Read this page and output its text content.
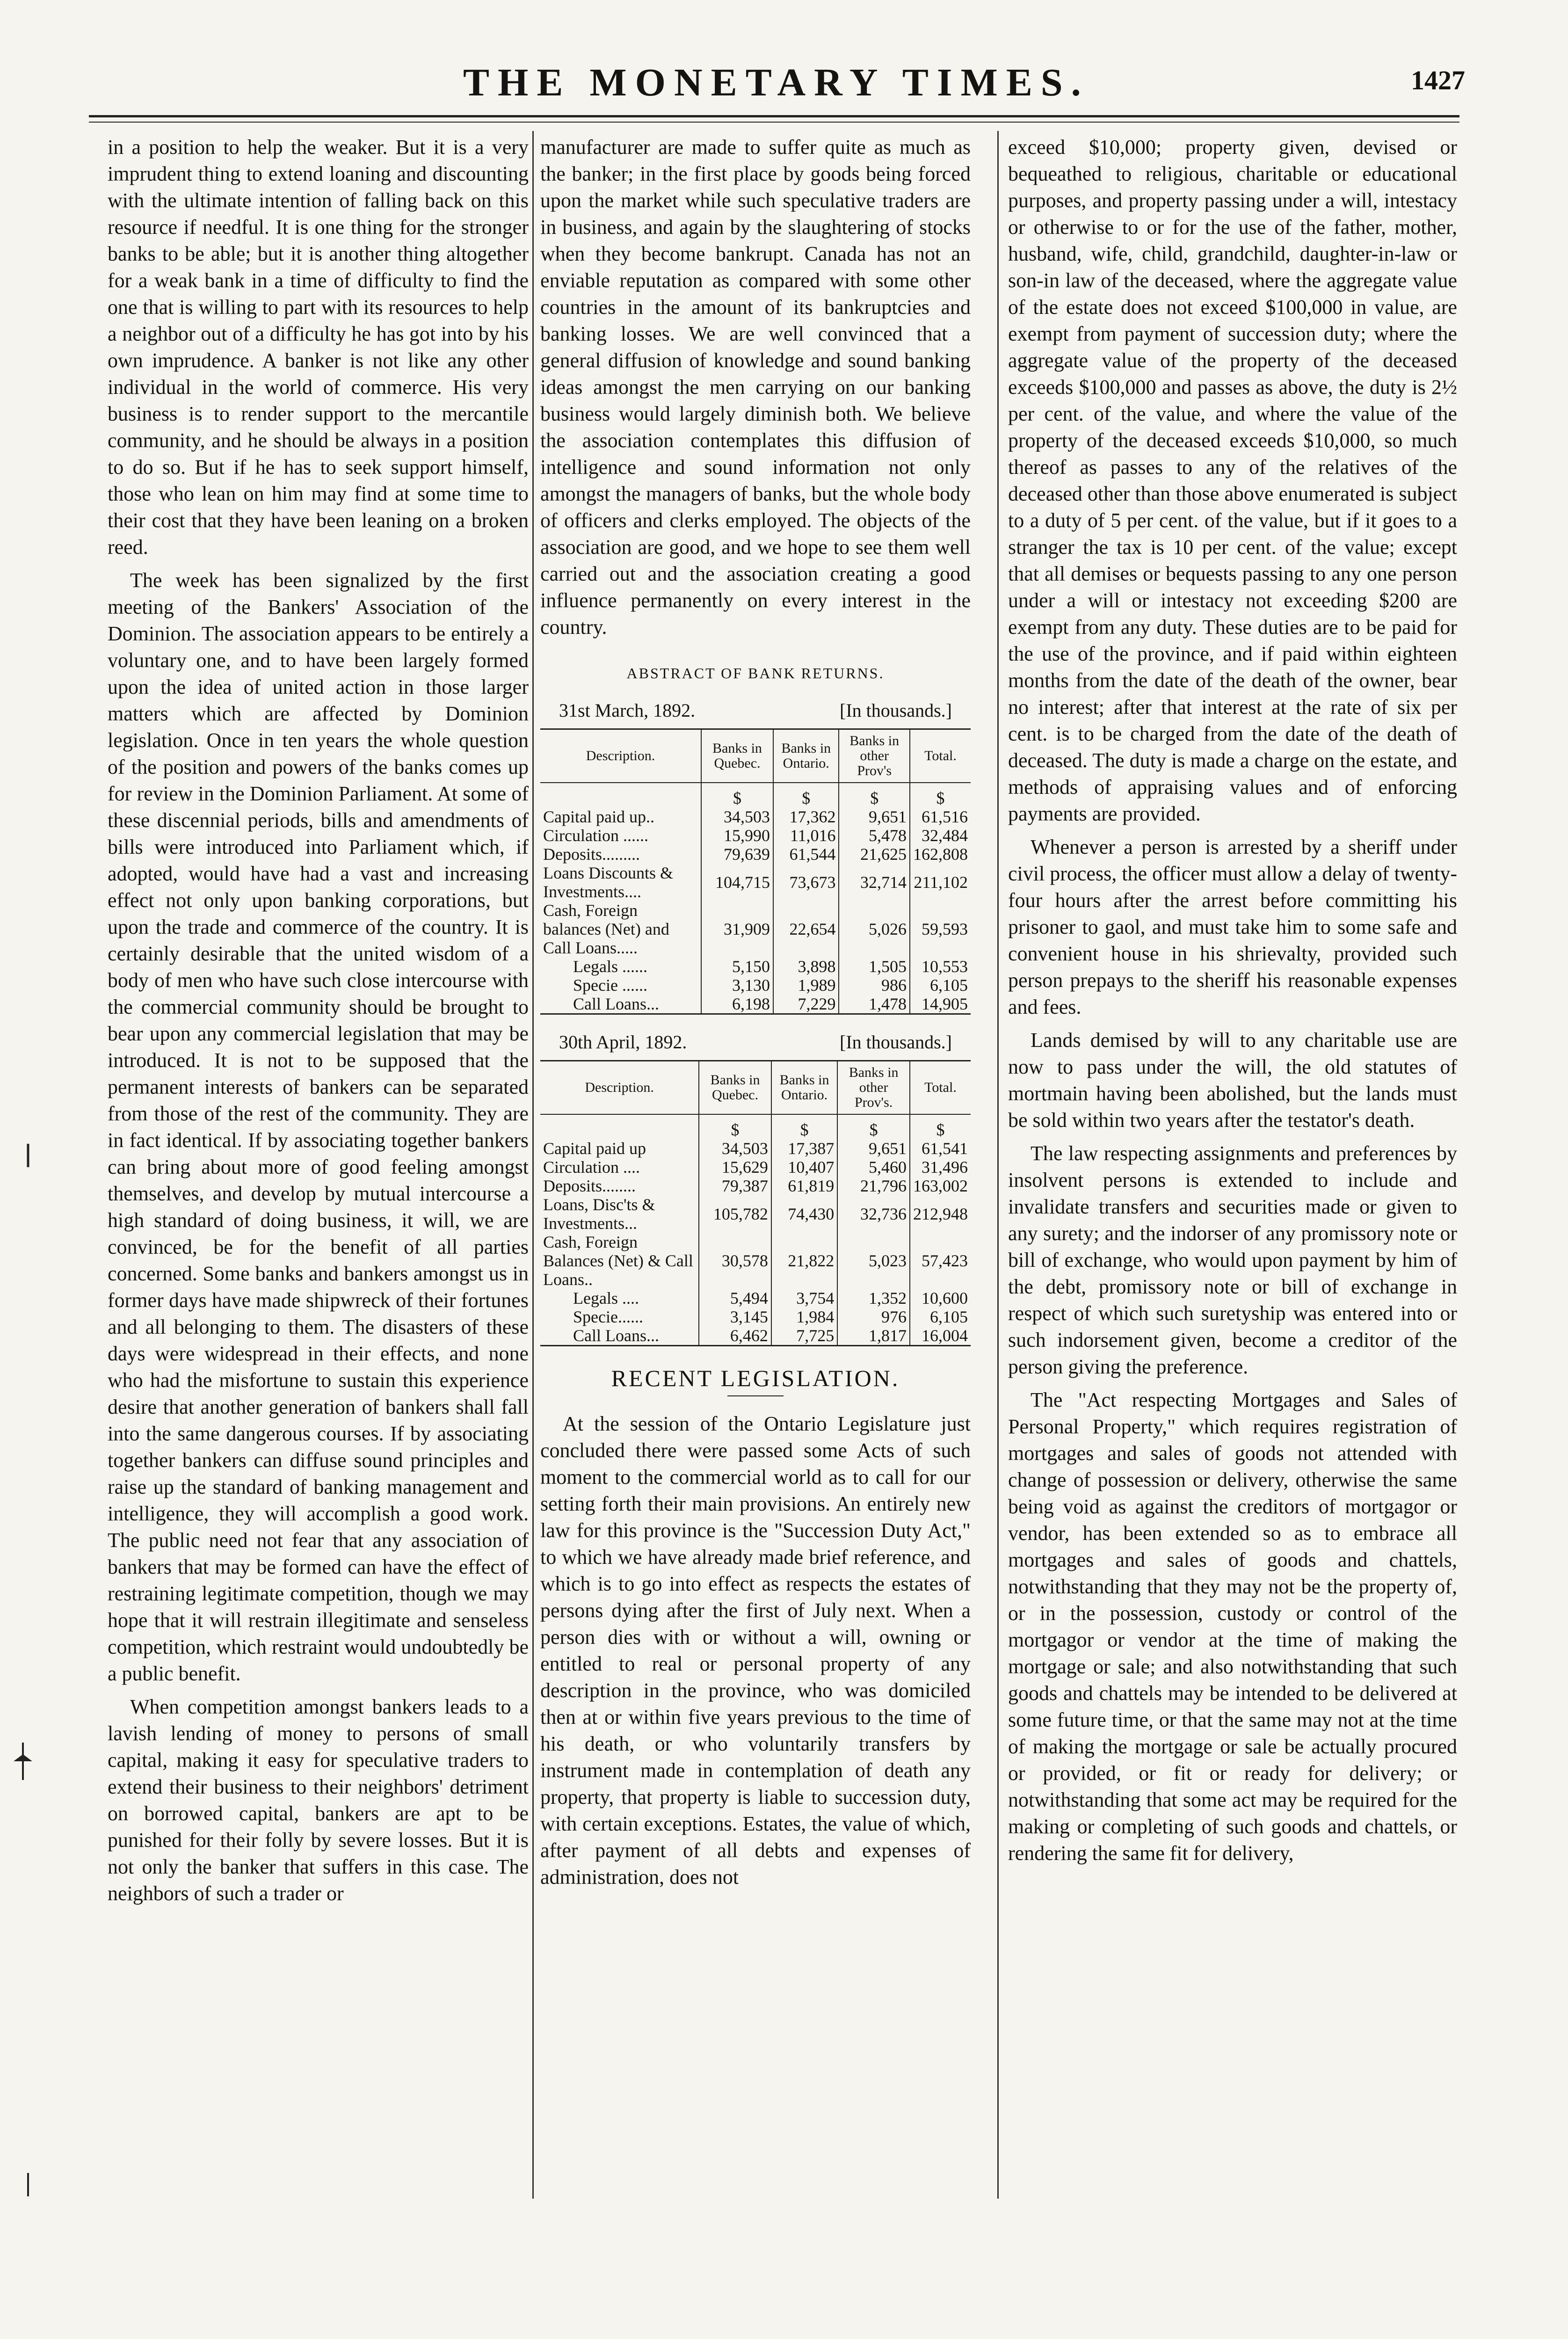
THE MONETARY TIMES.	1427

in a position to help the weaker. But it is a very imprudent thing to extend loaning and discounting with the ultimate intention of falling back on this resource if needful. It is one thing for the stronger banks to be able; but it is another thing altogether for a weak bank in a time of difficulty to find the one that is willing to part with its resources to help a neighbor out of a difficulty he has got into by his own imprudence. A banker is not like any other individual in the world of commerce. His very business is to render support to the mercantile community, and he should be always in a position to do so. But if he has to seek support himself, those who lean on him may find at some time to their cost that they have been leaning on a broken reed.

The week has been signalized by the first meeting of the Bankers' Association of the Dominion. The association appears to be entirely a voluntary one, and to have been largely formed upon the idea of united action in those larger matters which are affected by Dominion legislation. Once in ten years the whole question of the position and powers of the banks comes up for review in the Dominion Parliament. At some of these discennial periods, bills and amendments of bills were introduced into Parliament which, if adopted, would have had a vast and increasing effect not only upon banking corporations, but upon the trade and commerce of the country. It is certainly desirable that the united wisdom of a body of men who have such close intercourse with the commercial community should be brought to bear upon any commercial legislation that may be introduced. It is not to be supposed that the permanent interests of bankers can be separated from those of the rest of the community. They are in fact identical. If by associating together bankers can bring about more of good feeling amongst themselves, and develop by mutual intercourse a high standard of doing business, it will, we are convinced, be for the benefit of all parties concerned. Some banks and bankers amongst us in former days have made shipwreck of their fortunes and all belonging to them. The disasters of these days were widespread in their effects, and none who had the misfortune to sustain this experience desire that another generation of bankers shall fall into the same dangerous courses. If by associating together bankers can diffuse sound principles and raise up the standard of banking management and intelligence, they will accomplish a good work. The public need not fear that any association of bankers that may be formed can have the effect of restraining legitimate competition, though we may hope that it will restrain illegitimate and senseless competition, which restraint would undoubtedly be a public benefit.

When competition amongst bankers leads to a lavish lending of money to persons of small capital, making it easy for speculative traders to extend their business to their neighbors' detriment on borrowed capital, bankers are apt to be punished for their folly by severe losses. But it is not only the banker that suffers in this case. The neighbors of such a trader or

manufacturer are made to suffer quite as much as the banker; in the first place by goods being forced upon the market while such speculative traders are in business, and again by the slaughtering of stocks when they become bankrupt. Canada has not an enviable reputation as compared with some other countries in the amount of its bankruptcies and banking losses. We are well convinced that a general diffusion of knowledge and sound banking ideas amongst the men carrying on our banking business would largely diminish both. We believe the association contemplates this diffusion of intelligence and sound information not only amongst the managers of banks, but the whole body of officers and clerks employed. The objects of the association are good, and we hope to see them well carried out and the association creating a good influence permanently on every interest in the country.

ABSTRACT OF BANK RETURNS.
31st March, 1892.	[In thousands.]
Description.	Banks in Quebec.	Banks in Ontario.	Banks in other Prov's	Total.
	$	$	$	$
Capital paid up..	34,503	17,362	9,651	61,516
Circulation ......	15,990	11,016	5,478	32,484
Deposits.........	79,639	61,544	21,625	162,808
Loans Discounts & Investments....	104,715	73,673	32,714	211,102
Cash, Foreign balances (Net) and Call Loans.....	31,909	22,654	5,026	59,593
Legals ......	5,150	3,898	1,505	10,553
Specie ......	3,130	1,989	986	6,105
Call Loans...	6,198	7,229	1,478	14,905
30th April, 1892.	[In thousands.]
Description.	Banks in Quebec.	Banks in Ontario.	Banks in other Prov's.	Total.
	$	$	$	$
Capital paid up	34,503	17,387	9,651	61,541
Circulation ....	15,629	10,407	5,460	31,496
Deposits........	79,387	61,819	21,796	163,002
Loans, Disc'ts & Investments...	105,782	74,430	32,736	212,948
Cash, Foreign Balances (Net) & Call Loans..	30,578	21,822	5,023	57,423
Legals ....	5,494	3,754	1,352	10,600
Specie......	3,145	1,984	976	6,105
Call Loans...	6,462	7,725	1,817	16,004
RECENT LEGISLATION.

At the session of the Ontario Legislature just concluded there were passed some Acts of such moment to the commercial world as to call for our setting forth their main provisions. An entirely new law for this province is the "Succession Duty Act," to which we have already made brief reference, and which is to go into effect as respects the estates of persons dying after the first of July next. When a person dies with or without a will, owning or entitled to real or personal property of any description in the province, who was domiciled then at or within five years previous to the time of his death, or who voluntarily transfers by instrument made in contemplation of death any property, that property is liable to succession duty, with certain exceptions. Estates, the value of which, after payment of all debts and expenses of administration, does not

exceed $10,000; property given, devised or bequeathed to religious, charitable or educational purposes, and property passing under a will, intestacy or otherwise to or for the use of the father, mother, husband, wife, child, grandchild, daughter-in-law or son-in law of the deceased, where the aggregate value of the estate does not exceed $100,000 in value, are exempt from payment of succession duty; where the aggregate value of the property of the deceased exceeds $100,000 and passes as above, the duty is 2½ per cent. of the value, and where the value of the property of the deceased exceeds $10,000, so much thereof as passes to any of the relatives of the deceased other than those above enumerated is subject to a duty of 5 per cent. of the value, but if it goes to a stranger the tax is 10 per cent. of the value; except that all demises or bequests passing to any one person under a will or intestacy not exceeding $200 are exempt from any duty. These duties are to be paid for the use of the province, and if paid within eighteen months from the date of the death of the owner, bear no interest; after that interest at the rate of six per cent. is to be charged from the date of the death of deceased. The duty is made a charge on the estate, and methods of appraising values and of enforcing payments are provided.

Whenever a person is arrested by a sheriff under civil process, the officer must allow a delay of twenty-four hours after the arrest before committing his prisoner to gaol, and must take him to some safe and convenient house in his shrievalty, provided such person prepays to the sheriff his reasonable expenses and fees.

Lands demised by will to any charitable use are now to pass under the will, the old statutes of mortmain having been abolished, but the lands must be sold within two years after the testator's death.

The law respecting assignments and preferences by insolvent persons is extended to include and invalidate transfers and securities made or given to any surety; and the indorser of any promissory note or bill of exchange, who would upon payment by him of the debt, promissory note or bill of exchange in respect of which such suretyship was entered into or such indorsement given, become a creditor of the person giving the preference.

The "Act respecting Mortgages and Sales of Personal Property," which requires registration of mortgages and sales of goods not attended with change of possession or delivery, otherwise the same being void as against the creditors of mortgagor or vendor, has been extended so as to embrace all mortgages and sales of goods and chattels, notwithstanding that they may not be the property of, or in the possession, custody or control of the mortgagor or vendor at the time of making the mortgage or sale; and also notwithstanding that such goods and chattels may be intended to be delivered at some future time, or that the same may not at the time of making the mortgage or sale be actually procured or provided, or fit or ready for delivery; or notwithstanding that some act may be required for the making or completing of such goods and chattels, or rendering the same fit for delivery,
